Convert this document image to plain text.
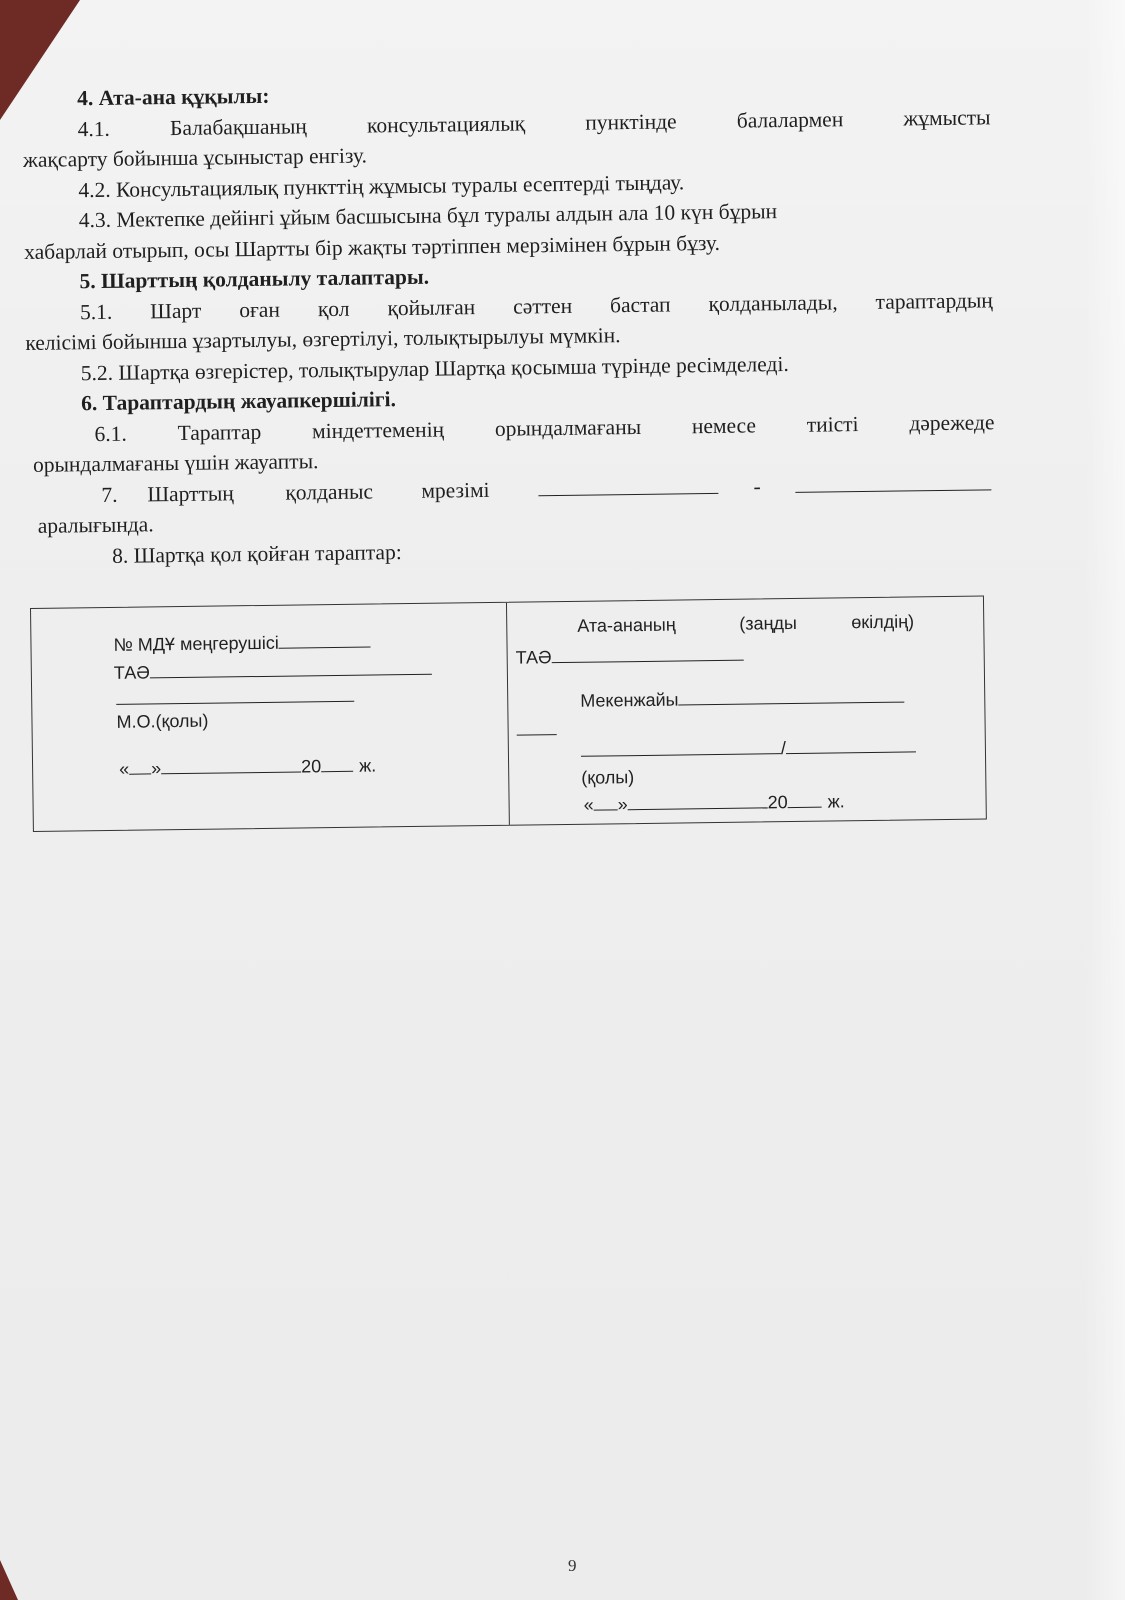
4. Ата-ана құқылы:
4.1.	Балабақшаның	консультациялық	пунктінде	балалармен	жұмысты
жақсарту бойынша ұсыныстар енгізу.
4.2. Консультациялық пункттің жұмысы туралы есептерді тыңдау.
4.3. Мектепке дейінгі ұйым басшысына бұл туралы алдын ала 10 күн бұрын
хабарлай отырып, осы Шартты бір жақты тәртіппен мерзімінен бұрын бұзу.
5. Шарттың қолданылу талаптары.
5.1. Шарт оған қол қойылған сәттен бастап қолданылады, тараптардың
келісімі бойынша ұзартылуы, өзгертілуі, толықтырылуы мүмкін.
5.2. Шартқа өзгерістер, толықтырулар Шартқа қосымша түрінде ресімделеді.
6. Тараптардың жауапкершілігі.
6.1. Тараптар міндеттеменің орындалмағаны немесе тиісті дәрежеде
орындалмағаны үшін жауапты.
7. Шарттың қолданыс мрезімі	-
аралығында.
8. Шартқа қол қойған тараптар:
№ МДҰ меңгерушісі
ТАӘ
М.О.(қолы)
« »	20 ж.
Ата-ананың	(заңды	өкілдің)
ТАӘ
Мекенжайы
/
(қолы)
« »	20 ж.
9
